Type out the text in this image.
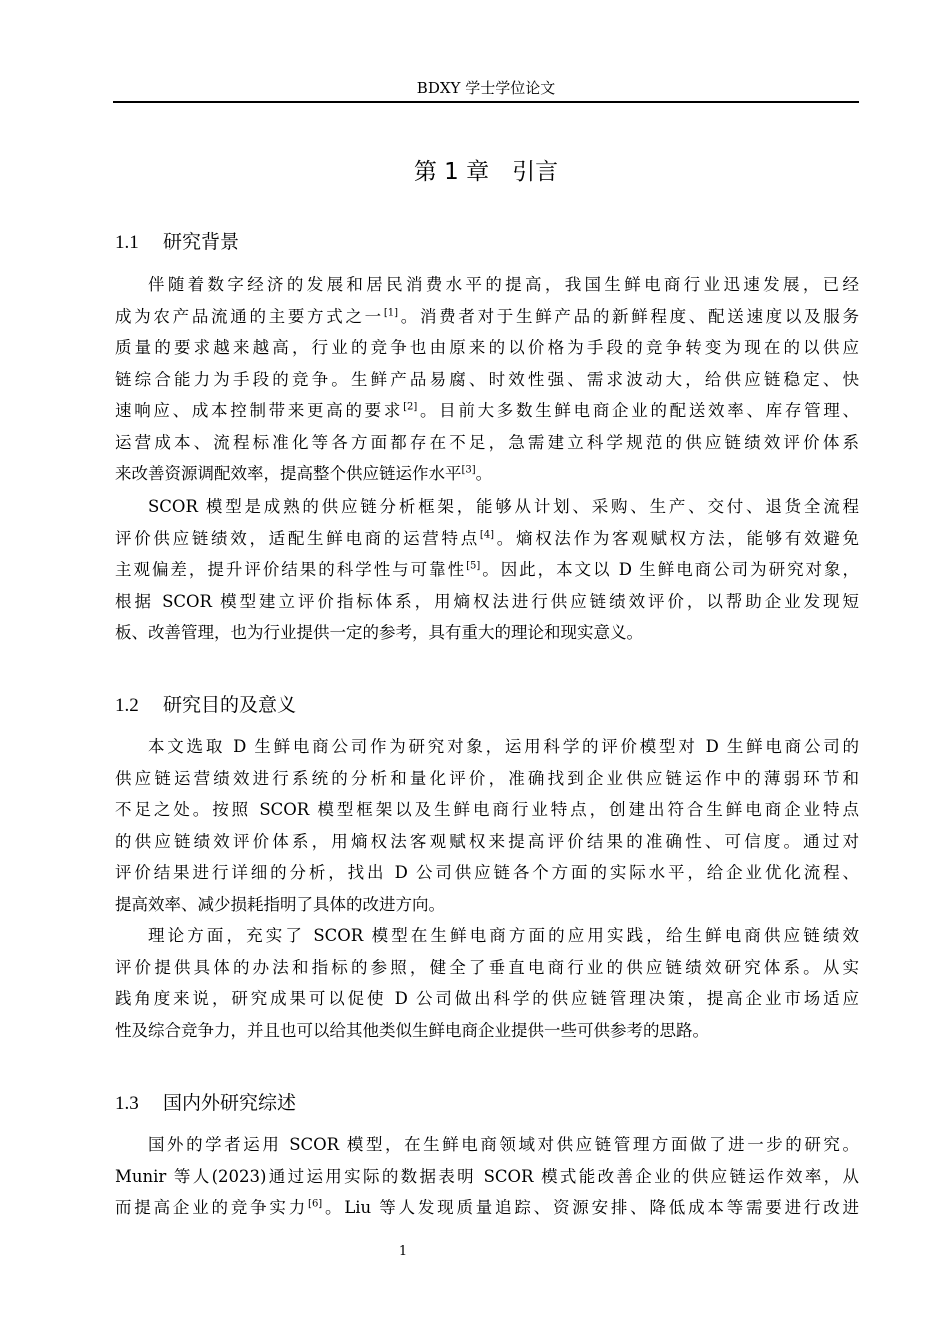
BDXY 学士学位论文
第 1 章　引言
1.1 研究背景
伴随着数字经济的发展和居民消费水平的提高，我国生鲜电商行业迅速发展，已经
成为农产品流通的主要方式之一[1]。消费者对于生鲜产品的新鲜程度、配送速度以及服务
质量的要求越来越高，行业的竞争也由原来的以价格为手段的竞争转变为现在的以供应
链综合能力为手段的竞争。生鲜产品易腐、时效性强、需求波动大，给供应链稳定、快
速响应、成本控制带来更高的要求[2]。目前大多数生鲜电商企业的配送效率、库存管理、
运营成本、流程标准化等各方面都存在不足，急需建立科学规范的供应链绩效评价体系
来改善资源调配效率，提高整个供应链运作水平[3]。
SCOR 模型是成熟的供应链分析框架，能够从计划、采购、生产、交付、退货全流程
评价供应链绩效，适配生鲜电商的运营特点[4]。熵权法作为客观赋权方法，能够有效避免
主观偏差，提升评价结果的科学性与可靠性[5]。因此，本文以 D 生鲜电商公司为研究对象，
根据 SCOR 模型建立评价指标体系，用熵权法进行供应链绩效评价，以帮助企业发现短
板、改善管理，也为行业提供一定的参考，具有重大的理论和现实意义。
1.2 研究目的及意义
本文选取 D 生鲜电商公司作为研究对象，运用科学的评价模型对 D 生鲜电商公司的
供应链运营绩效进行系统的分析和量化评价，准确找到企业供应链运作中的薄弱环节和
不足之处。按照 SCOR 模型框架以及生鲜电商行业特点，创建出符合生鲜电商企业特点
的供应链绩效评价体系，用熵权法客观赋权来提高评价结果的准确性、可信度。通过对
评价结果进行详细的分析，找出 D 公司供应链各个方面的实际水平，给企业优化流程、
提高效率、减少损耗指明了具体的改进方向。
理论方面，充实了 SCOR 模型在生鲜电商方面的应用实践，给生鲜电商供应链绩效
评价提供具体的办法和指标的参照，健全了垂直电商行业的供应链绩效研究体系。从实
践角度来说，研究成果可以促使 D 公司做出科学的供应链管理决策，提高企业市场适应
性及综合竞争力，并且也可以给其他类似生鲜电商企业提供一些可供参考的思路。
1.3 国内外研究综述
国外的学者运用 SCOR 模型，在生鲜电商领域对供应链管理方面做了进一步的研究。
Munir 等人(2023)通过运用实际的数据表明 SCOR 模式能改善企业的供应链运作效率，从
而提高企业的竞争实力[6]。Liu 等人发现质量追踪、资源安排、降低成本等需要进行改进
1
